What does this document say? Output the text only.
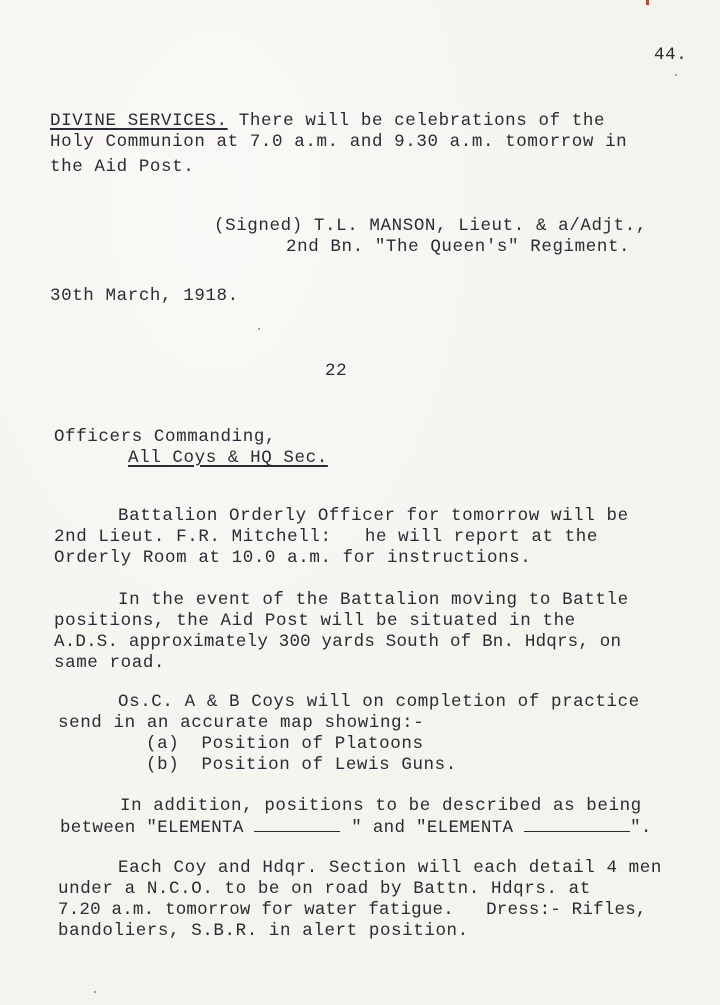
44.
DIVINE SERVICES. There will be celebrations of the
Holy Communion at 7.0 a.m. and 9.30 a.m. tomorrow in
the Aid Post.
(Signed) T.L. MANSON, Lieut. & a/Adjt.,
2nd Bn. "The Queen's" Regiment.
30th March, 1918.
22
Officers Commanding,
All Coys & HQ Sec.
Battalion Orderly Officer for tomorrow will be
2nd Lieut. F.R. Mitchell:   he will report at the
Orderly Room at 10.0 a.m. for instructions.
In the event of the Battalion moving to Battle
positions, the Aid Post will be situated in the
A.D.S. approximately 300 yards South of Bn. Hdqrs, on
same road.
Os.C. A & B Coys will on completion of practice
send in an accurate map showing:-
(a)  Position of Platoons
(b)  Position of Lewis Guns.
In addition, positions to be described as being
between "ELEMENTA	" and "ELEMENTA	".
Each Coy and Hdqr. Section will each detail 4 men
under a N.C.O. to be on road by Battn. Hdqrs. at
7.20 a.m. tomorrow for water fatigue.   Dress:- Rifles,
bandoliers, S.B.R. in alert position.
